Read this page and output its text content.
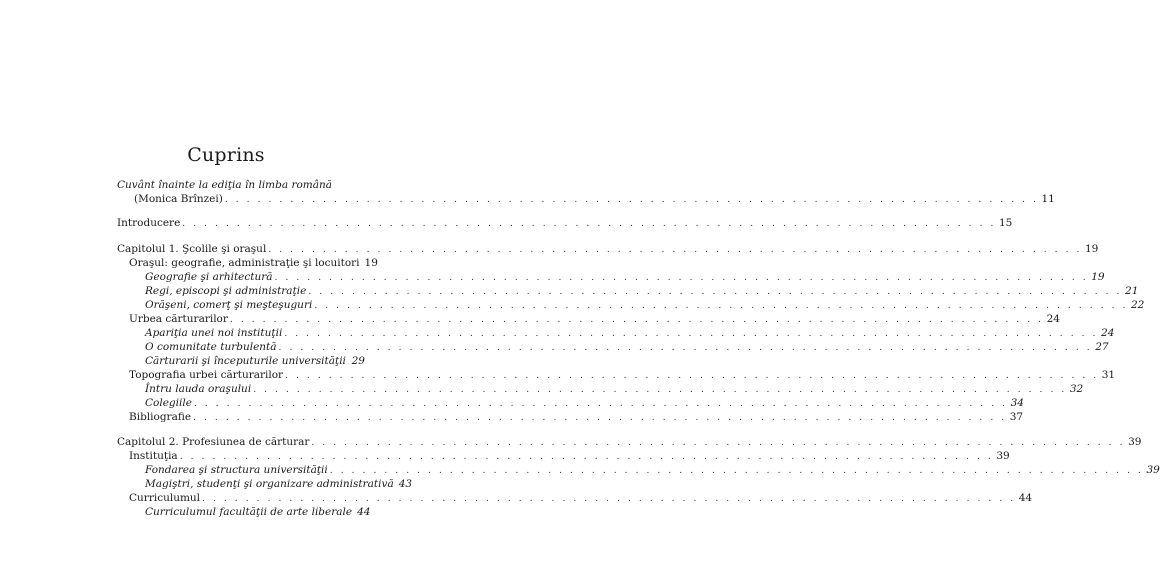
Cuprins
Cuvânt înainte la ediţia în limba română
(Monica Brînzei) . . . . . . . . . . . . . . . . . . . . . . . . . . . . . . . . . . . . . . . . . . . . . . . . . . . . . . . . . . . . . . . . . . . . . . . . . . . 11
Introducere . . . . . . . . . . . . . . . . . . . . . . . . . . . . . . . . . . . . . . . . . . . . . . . . . . . . . . . . . . . . . . . . . . . . . . . . . . . 15
Capitolul 1. Şcolile şi oraşul . . . . . . . . . . . . . . . . . . . . . . . . . . . . . . . . . . . . . . . . . . . . . . . . . . . . . . . . . . . . . . . . . . . . . . . . . . . 19
Oraşul: geografie, administraţie şi locuitori 19
Geografie şi arhitectură . . . . . . . . . . . . . . . . . . . . . . . . . . . . . . . . . . . . . . . . . . . . . . . . . . . . . . . . . . . . . . . . . . . . . . . . . . . 19
Regi, episcopi şi administraţie . . . . . . . . . . . . . . . . . . . . . . . . . . . . . . . . . . . . . . . . . . . . . . . . . . . . . . . . . . . . . . . . . . . . . . . . . . . 21
Orăşeni, comerţ şi meşteşuguri . . . . . . . . . . . . . . . . . . . . . . . . . . . . . . . . . . . . . . . . . . . . . . . . . . . . . . . . . . . . . . . . . . . . . . . . . . . 22
Urbea cărturarilor . . . . . . . . . . . . . . . . . . . . . . . . . . . . . . . . . . . . . . . . . . . . . . . . . . . . . . . . . . . . . . . . . . . . . . . . . . . 24
Apariţia unei noi instituţii . . . . . . . . . . . . . . . . . . . . . . . . . . . . . . . . . . . . . . . . . . . . . . . . . . . . . . . . . . . . . . . . . . . . . . . . . . . 24
O comunitate turbulentă . . . . . . . . . . . . . . . . . . . . . . . . . . . . . . . . . . . . . . . . . . . . . . . . . . . . . . . . . . . . . . . . . . . . . . . . . . . 27
Cărturarii şi începuturile universităţii 29
Topografia urbei cărturarilor . . . . . . . . . . . . . . . . . . . . . . . . . . . . . . . . . . . . . . . . . . . . . . . . . . . . . . . . . . . . . . . . . . . . . . . . . . . 31
Întru lauda oraşului . . . . . . . . . . . . . . . . . . . . . . . . . . . . . . . . . . . . . . . . . . . . . . . . . . . . . . . . . . . . . . . . . . . . . . . . . . . 32
Colegiile . . . . . . . . . . . . . . . . . . . . . . . . . . . . . . . . . . . . . . . . . . . . . . . . . . . . . . . . . . . . . . . . . . . . . . . . . . . 34
Bibliografie . . . . . . . . . . . . . . . . . . . . . . . . . . . . . . . . . . . . . . . . . . . . . . . . . . . . . . . . . . . . . . . . . . . . . . . . . . . 37
Capitolul 2. Profesiunea de cărturar . . . . . . . . . . . . . . . . . . . . . . . . . . . . . . . . . . . . . . . . . . . . . . . . . . . . . . . . . . . . . . . . . . . . . . . . . . . 39
Instituţia . . . . . . . . . . . . . . . . . . . . . . . . . . . . . . . . . . . . . . . . . . . . . . . . . . . . . . . . . . . . . . . . . . . . . . . . . . . 39
Fondarea şi structura universităţii . . . . . . . . . . . . . . . . . . . . . . . . . . . . . . . . . . . . . . . . . . . . . . . . . . . . . . . . . . . . . . . . . . . . . . . . . . . 39
Magiştri, studenţi şi organizare administrativă 43
Curriculumul . . . . . . . . . . . . . . . . . . . . . . . . . . . . . . . . . . . . . . . . . . . . . . . . . . . . . . . . . . . . . . . . . . . . . . . . . . . 44
Curriculumul facultăţii de arte liberale 44
